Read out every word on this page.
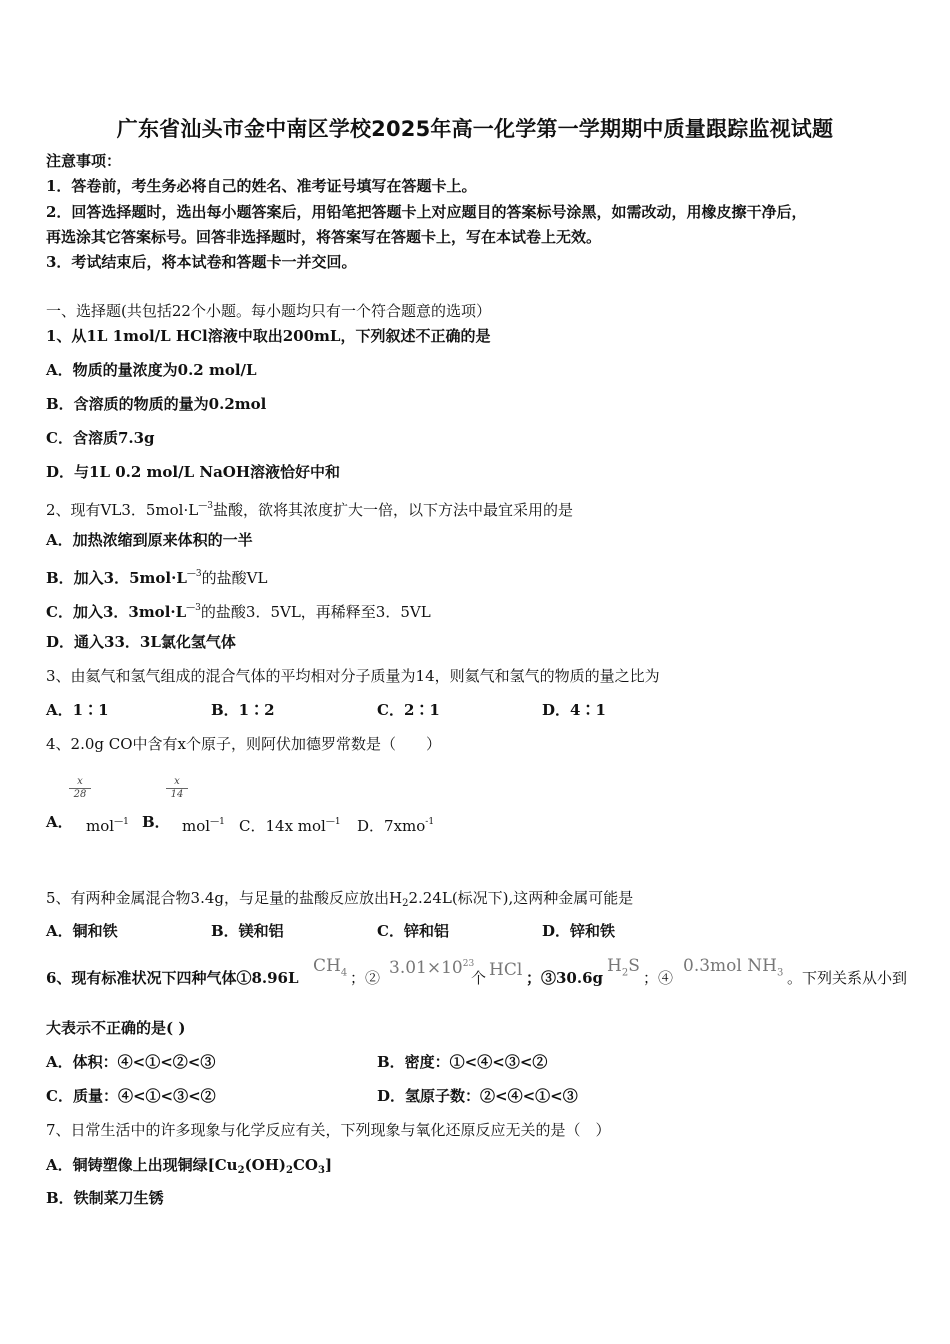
广东省汕头市金中南区学校2025年高一化学第一学期期中质量跟踪监视试题
注意事项：
1．答卷前，考生务必将自己的姓名、准考证号填写在答题卡上。
2．回答选择题时，选出每小题答案后，用铅笔把答题卡上对应题目的答案标号涂黑，如需改动，用橡皮擦干净后，
再选涂其它答案标号。回答非选择题时，将答案写在答题卡上，写在本试卷上无效。
3．考试结束后，将本试卷和答题卡一并交回。
一、选择题(共包括22个小题。每小题均只有一个符合题意的选项）
1、从1L 1mol/L HCl溶液中取出200mL，下列叙述不正确的是
A．物质的量浓度为0.2 mol/L
B．含溶质的物质的量为0.2mol
C．含溶质7.3g
D．与1L 0.2 mol/L NaOH溶液恰好中和
2、现有VL3．$5mol\cdot L^{—3}$盐酸，欲将其浓度扩大一倍，以下方法中最宜采用的是
A．加热浓缩到原来体积的一半
B．加入3．$5mol\cdot L^{—3}$的盐酸VL
C．加入3．$3mol\cdot L^{—3}$的盐酸3．5VL，再稀释至3．5VL
D．通入33．3L氯化氢气体
3、由氦气和氢气组成的混合气体的平均相对分子质量为14，则氦气和氢气的物质的量之比为
A．1∶1	B．1∶2	C．2∶1	D．4∶1
4、2.0g CO中含有x个原子，则阿伏加德罗常数是（　　）
$\frac{x}{28}$	$\frac{x}{14}$
A． mol$^{—1}$ B． mol$^{—1}$ C．14x mol$^{—1}$ D．7xmo$^{-1}$
5、有两种金属混合物3.4g，与足量的盐酸反应放出$H_22.24L$(标况下),这两种金属可能是
A．铜和铁	B．镁和铝	C．锌和铝	D．锌和铁
6、现有标准状况下四种气体①8.96L
$CH_4$ ；② $3.01\times 10^{23}$
个 HCl ；③30.6g
$H_2S$
；④
0.3mol $NH_3$ 。下列关系从小到
大表示不正确的是( )
A．体积：④<①<②<③	B．密度：①<④<③<②
C．质量：④<①<③<②	D．氢原子数：②<④<①<③
7、日常生活中的许多现象与化学反应有关，下列现象与氧化还原反应无关的是（　）
A．铜铸塑像上出现铜绿$[Cu_2(OH)_2CO_3]$
B．铁制菜刀生锈
